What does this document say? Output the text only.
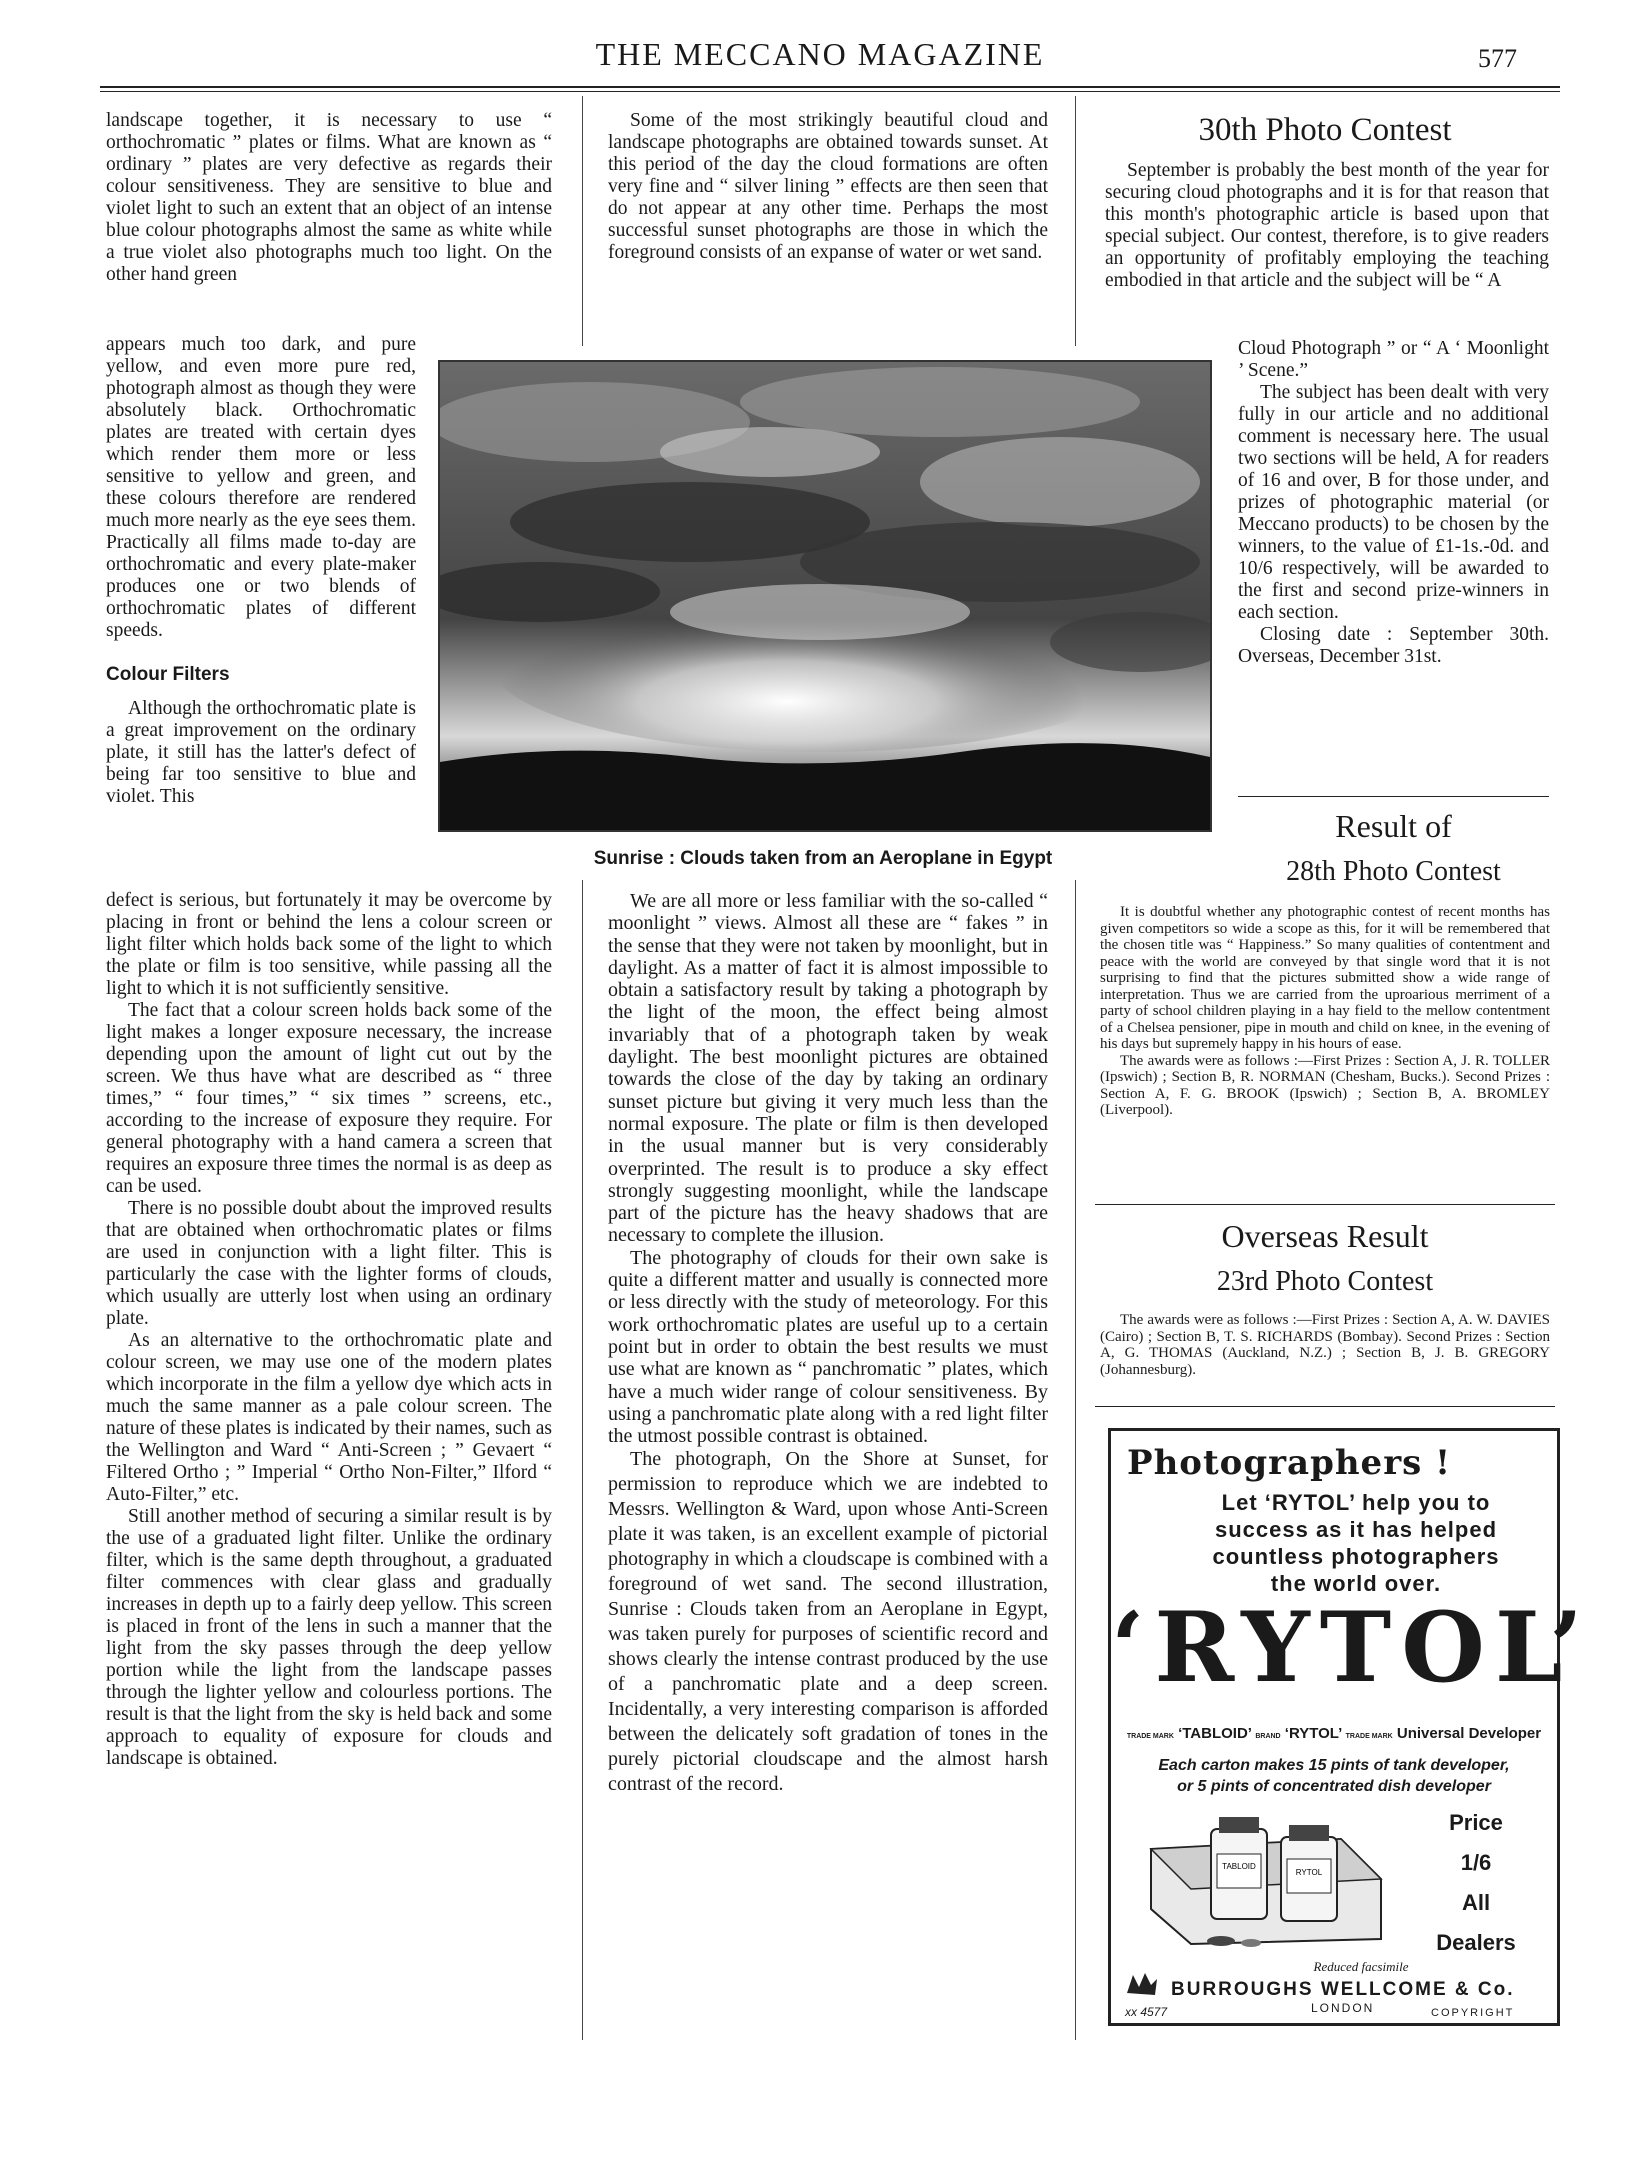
THE MECCANO MAGAZINE	577

landscape together, it is necessary to use “ orthochromatic ” plates or films. What are known as “ ordinary ” plates are very defective as regards their colour sensitiveness. They are sensitive to blue and violet light to such an extent that an object of an intense blue colour photographs almost the same as white while a true violet also photographs much too light. On the other hand green

appears much too dark, and pure yellow, and even more pure red, photograph almost as though they were absolutely black. Orthochromatic plates are treated with certain dyes which render them more or less sensitive to yellow and green, and these colours therefore are rendered much more nearly as the eye sees them. Practically all films made to-day are orthochromatic and every plate-maker produces one or two blends of orthochromatic plates of different speeds.

Colour Filters

Although the orthochromatic plate is a great improvement on the ordinary plate, it still has the latter's defect of being far too sensitive to blue and violet. This

defect is serious, but fortunately it may be overcome by placing in front or behind the lens a colour screen or light filter which holds back some of the light to which the plate or film is too sensitive, while passing all the light to which it is not sufficiently sensitive.

The fact that a colour screen holds back some of the light makes a longer exposure necessary, the increase depending upon the amount of light cut out by the screen. We thus have what are described as “ three times,” “ four times,” “ six times ” screens, etc., according to the increase of exposure they require. For general photography with a hand camera a screen that requires an exposure three times the normal is as deep as can be used.

There is no possible doubt about the improved results that are obtained when orthochromatic plates or films are used in conjunction with a light filter. This is particularly the case with the lighter forms of clouds, which usually are utterly lost when using an ordinary plate.

As an alternative to the orthochromatic plate and colour screen, we may use one of the modern plates which incorporate in the film a yellow dye which acts in much the same manner as a pale colour screen. The nature of these plates is indicated by their names, such as the Wellington and Ward “ Anti-Screen ; ” Gevaert “ Filtered Ortho ; ” Imperial “ Ortho Non-Filter,” Ilford “ Auto-Filter,” etc.

Still another method of securing a similar result is by the use of a graduated light filter. Unlike the ordinary filter, which is the same depth throughout, a graduated filter commences with clear glass and gradually increases in depth up to a fairly deep yellow. This screen is placed in front of the lens in such a manner that the light from the sky passes through the deep yellow portion while the light from the landscape passes through the lighter yellow and colourless portions. The result is that the light from the sky is held back and some approach to equality of exposure for clouds and landscape is obtained.

Some of the most strikingly beautiful cloud and landscape photographs are obtained towards sunset. At this period of the day the cloud formations are often very fine and “ silver lining ” effects are then seen that do not appear at any other time. Perhaps the most successful sunset photographs are those in which the foreground consists of an expanse of water or wet sand.

Sunrise : Clouds taken from an Aeroplane in Egypt

We are all more or less familiar with the so-called “ moonlight ” views. Almost all these are “ fakes ” in the sense that they were not taken by moonlight, but in daylight. As a matter of fact it is almost impossible to obtain a satisfactory result by taking a photograph by the light of the moon, the effect being almost invariably that of a photograph taken by weak daylight. The best moonlight pictures are obtained towards the close of the day by taking an ordinary sunset picture but giving it very much less than the normal exposure. The plate or film is then developed in the usual manner but is very considerably overprinted. The result is to produce a sky effect strongly suggesting moonlight, while the landscape part of the picture has the heavy shadows that are necessary to complete the illusion.

The photography of clouds for their own sake is quite a different matter and usually is connected more or less directly with the study of meteorology. For this work orthochromatic plates are useful up to a certain point but in order to obtain the best results we must use what are known as “ panchromatic ” plates, which have a much wider range of colour sensitiveness. By using a panchromatic plate along with a red light filter the utmost possible contrast is obtained.

The photograph, On the Shore at Sunset, for permission to reproduce which we are indebted to Messrs. Wellington & Ward, upon whose Anti-Screen plate it was taken, is an excellent example of pictorial photography in which a cloudscape is combined with a foreground of wet sand. The second illustration, Sunrise : Clouds taken from an Aeroplane in Egypt, was taken purely for purposes of scientific record and shows clearly the intense contrast produced by the use of a panchromatic plate and a deep screen. Incidentally, a very interesting comparison is afforded between the delicately soft gradation of tones in the purely pictorial cloudscape and the almost harsh contrast of the record.

30th Photo Contest

September is probably the best month of the year for securing cloud photographs and it is for that reason that this month's photographic article is based upon that special subject. Our contest, therefore, is to give readers an opportunity of profitably employing the teaching embodied in that article and the subject will be “ A

Cloud Photograph ” or “ A ‘ Moonlight ’ Scene.”

The subject has been dealt with very fully in our article and no additional comment is necessary here. The usual two sections will be held, A for readers of 16 and over, B for those under, and prizes of photographic material (or Meccano products) to be chosen by the winners, to the value of £1-1s.-0d. and 10/6 respectively, will be awarded to the first and second prize-winners in each section.

Closing date : September 30th. Overseas, December 31st.

Result of
28th Photo Contest

It is doubtful whether any photographic contest of recent months has given competitors so wide a scope as this, for it will be remembered that the chosen title was “ Happiness.” So many qualities of contentment and peace with the world are conveyed by that single word that it is not surprising to find that the pictures submitted show a wide range of interpretation. Thus we are carried from the uproarious merriment of a party of school children playing in a hay field to the mellow contentment of a Chelsea pensioner, pipe in mouth and child on knee, in the evening of his days but supremely happy in his hours of ease.

The awards were as follows :—First Prizes : Section A, J. R. TOLLER (Ipswich) ; Section B, R. NORMAN (Chesham, Bucks.). Second Prizes : Section A, F. G. BROOK (Ipswich) ; Section B, A. BROMLEY (Liverpool).

Overseas Result
23rd Photo Contest

The awards were as follows :—First Prizes : Section A, A. W. DAVIES (Cairo) ; Section B, T. S. RICHARDS (Bombay). Second Prizes : Section A, G. THOMAS (Auckland, N.Z.) ; Section B, J. B. GREGORY (Johannesburg).

Photographers !
Let ‘RYTOL’ help you to success as it has helped countless photographers the world over.
‘RYTOL’
TRADE MARK ‘TABLOID’ BRAND ‘RYTOL’ TRADE MARK Universal Developer
Each carton makes 15 pints of tank developer,
or 5 pints of concentrated dish developer
TABLOID
RYTOL
Price
1/6
All
Dealers
Reduced facsimile
BURROUGHS WELLCOME & Co.
LONDON
xx 4577	COPYRIGHT
